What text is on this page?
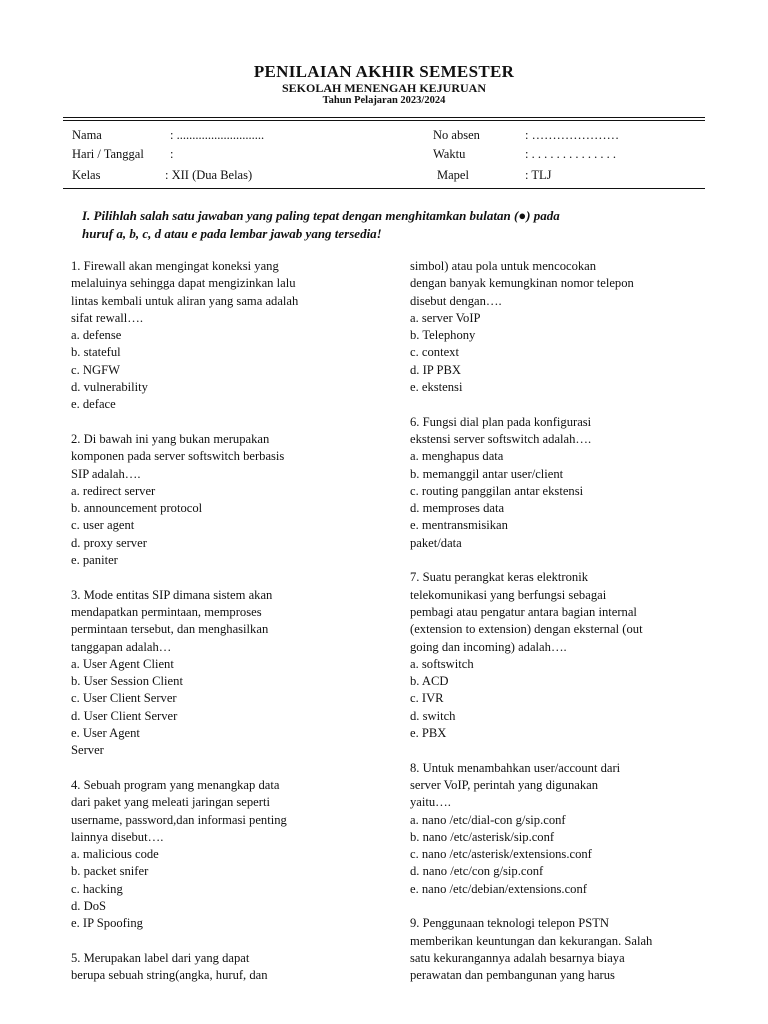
PENILAIAN AKHIR SEMESTER
SEKOLAH MENENGAH KEJURUAN
Tahun Pelajaran 2023/2024
Nama	: ............................
Hari / Tanggal :
Kelas	: XII (Dua Belas)
No absen	: …………………
Waktu	: . . . . . . . . . . . . . .
Mapel	: TLJ
I. Pilihlah salah satu jawaban yang paling tepat dengan menghitamkan bulatan (●) pada
huruf a, b, c, d atau e pada lembar jawab yang tersedia!
1. Firewall akan mengingat koneksi yang
melaluinya sehingga dapat mengizinkan lalu
lintas kembali untuk aliran yang sama adalah
sifat rewall….
a. defense
b. stateful
c. NGFW
d. vulnerability
e. deface
2. Di bawah ini yang bukan merupakan
komponen pada server softswitch berbasis
SIP adalah….
a. redirect server
b. announcement protocol
c. user agent
d. proxy server
e. paniter
3. Mode entitas SIP dimana sistem akan
mendapatkan permintaan, memproses
permintaan tersebut, dan menghasilkan
tanggapan adalah…
a. User Agent Client
b. User Session Client
c. User Client Server
d. User Client Server
e. User Agent
Server
4. Sebuah program yang menangkap data
dari paket yang meleati jaringan seperti
username, password,dan informasi penting
lainnya disebut….
a. malicious code
b. packet snifer
c. hacking
d. DoS
e. IP Spoofing
5. Merupakan label dari yang dapat
berupa sebuah string(angka, huruf, dan
simbol) atau pola untuk mencocokan
dengan banyak kemungkinan nomor telepon
disebut dengan….
a. server VoIP
b. Telephony
c. context
d. IP PBX
e. ekstensi
6. Fungsi dial plan pada konfigurasi
ekstensi server softswitch adalah….
a. menghapus data
b. memanggil antar user/client
c. routing panggilan antar ekstensi
d. memproses data
e. mentransmisikan
paket/data
7. Suatu perangkat keras elektronik
telekomunikasi yang berfungsi sebagai
pembagi atau pengatur antara bagian internal
(extension to extension) dengan eksternal (out
going dan incoming) adalah….
a. softswitch
b. ACD
c. IVR
d. switch
e. PBX
8. Untuk menambahkan user/account dari
server VoIP, perintah yang digunakan
yaitu….
a. nano /etc/dial-con g/sip.conf
b. nano /etc/asterisk/sip.conf
c. nano /etc/asterisk/extensions.conf
d. nano /etc/con g/sip.conf
e. nano /etc/debian/extensions.conf
9. Penggunaan teknologi telepon PSTN
memberikan keuntungan dan kekurangan. Salah
satu kekurangannya adalah besarnya biaya
perawatan dan pembangunan yang harus
